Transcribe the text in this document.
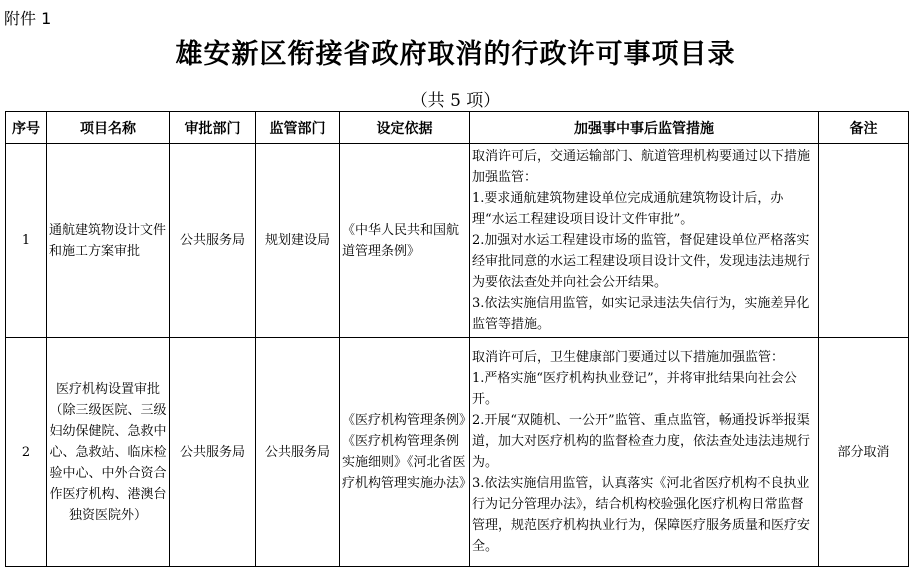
附件 1
雄安新区衔接省政府取消的行政许可事项目录
（共 5 项）
序号	项目名称	审批部门	监管部门	设定依据	加强事中事后监管措施	备注
1	通航建筑物设计文件和施工方案审批	公共服务局	规划建设局	《中华人民共和国航道管理条例》	取消许可后，交通运输部门、航道管理机构要通过以下措施加强监管：

1.要求通航建筑物建设单位完成通航建筑物设计后，办理“水运工程建设项目设计文件审批”。

2.加强对水运工程建设市场的监管，督促建设单位严格落实经审批同意的水运工程建设项目设计文件，发现违法违规行为要依法查处并向社会公开结果。

3.依法实施信用监管，如实记录违法失信行为，实施差异化监管等措施。	

2	医疗机构设置审批（除三级医院、三级妇幼保健院、急救中心、急救站、临床检验中心、中外合资合作医疗机构、港澳台独资医院外）	公共服务局	公共服务局	《医疗机构管理条例》《医疗机构管理条例实施细则》《河北省医疗机构管理实施办法》	取消许可后，卫生健康部门要通过以下措施加强监管：

1.严格实施“医疗机构执业登记”，并将审批结果向社会公开。

2.开展“双随机、一公开”监管、重点监管，畅通投诉举报渠道，加大对医疗机构的监督检查力度，依法查处违法违规行为。

3.依法实施信用监管，认真落实《河北省医疗机构不良执业行为记分管理办法》，结合机构校验强化医疗机构日常监督管理，规范医疗机构执业行为，保障医疗服务质量和医疗安全。	部分取消
